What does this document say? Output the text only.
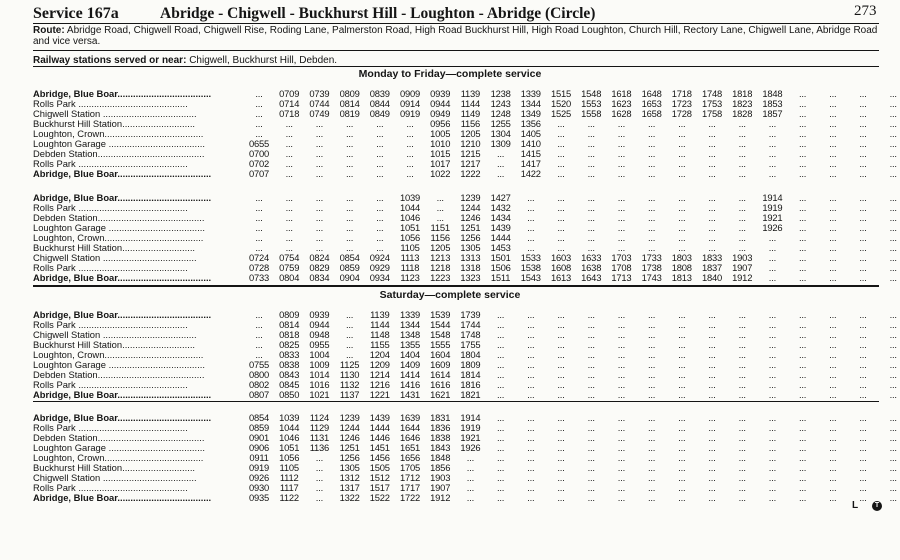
Service 167a	Abridge - Chigwell - Buckhurst Hill - Loughton - Abridge (Circle)	273
Route: Abridge Road, Chigwell Road, Chigwell Rise, Roding Lane, Palmerston Road, High Road Buckhurst Hill, High Road Loughton, Church Hill, Rectory Lane, Chigwell Lane, Abridge Road and vice versa.
Railway stations served or near: Chigwell, Buckhurst Hill, Debden.
Monday to Friday—complete service
Abridge, Blue Boar....................................	...	0709	0739	0809	0839	0909	0939	1139	1238	1339	1515	1548	1618	1648	1718	1748	1818	1848	...	...	...	...
Rolls Park ..........................................	...	0714	0744	0814	0844	0914	0944	1144	1243	1344	1520	1553	1623	1653	1723	1753	1823	1853	...	...	...	...
Chigwell Station ....................................	...	0718	0749	0819	0849	0919	0949	1149	1248	1349	1525	1558	1628	1658	1728	1758	1828	1857	...	...	...	...
Buckhurst Hill Station............................	...	...	...	...	...	...	0956	1156	1255	1356	...	...	...	...	...	...	...	...	...	...	...	...
Loughton, Crown......................................	...	...	...	...	...	...	1005	1205	1304	1405	...	...	...	...	...	...	...	...	...	...	...	...
Loughton Garage .....................................	0655	...	...	...	...	...	1010	1210	1309	1410	...	...	...	...	...	...	...	...	...	...	...	...
Debden Station.........................................	0700	...	...	...	...	...	1015	1215	...	1415	...	...	...	...	...	...	...	...	...	...	...	...
Rolls Park ..........................................	0702	...	...	...	...	...	1017	1217	...	1417	...	...	...	...	...	...	...	...	...	...	...	...
Abridge, Blue Boar....................................	0707	...	...	...	...	...	1022	1222	...	1422	...	...	...	...	...	...	...	...	...	...	...	...
Abridge, Blue Boar....................................	...	...	...	...	...	1039	...	1239	1427	...	...	...	...	...	...	...	...	1914	...	...	...	...
Rolls Park ..........................................	...	...	...	...	...	1044	...	1244	1432	...	...	...	...	...	...	...	...	1919	...	...	...	...
Debden Station.........................................	...	...	...	...	...	1046	...	1246	1434	...	...	...	...	...	...	...	...	1921	...	...	...	...
Loughton Garage .....................................	...	...	...	...	...	1051	1151	1251	1439	...	...	...	...	...	...	...	...	1926	...	...	...	...
Loughton, Crown......................................	...	...	...	...	...	1056	1156	1256	1444	...	...	...	...	...	...	...	...	...	...	...	...	...
Buckhurst Hill Station............................	...	...	...	...	...	1105	1205	1305	1453	...	...	...	...	...	...	...	...	...	...	...	...	...
Chigwell Station ....................................	0724	0754	0824	0854	0924	1113	1213	1313	1501	1533	1603	1633	1703	1733	1803	1833	1903	...	...	...	...	...
Rolls Park ..........................................	0728	0759	0829	0859	0929	1118	1218	1318	1506	1538	1608	1638	1708	1738	1808	1837	1907	...	...	...	...	...
Abridge, Blue Boar....................................	0733	0804	0834	0904	0934	1123	1223	1323	1511	1543	1613	1643	1713	1743	1813	1840	1912	...	...	...	...	...
Saturday—complete service
Abridge, Blue Boar....................................	...	0809	0939	...	1139	1339	1539	1739	...	...	...	...	...	...	...	...	...	...	...	...	...	...
Rolls Park ..........................................	...	0814	0944	...	1144	1344	1544	1744	...	...	...	...	...	...	...	...	...	...	...	...	...	...
Chigwell Station ....................................	...	0818	0948	...	1148	1348	1548	1748	...	...	...	...	...	...	...	...	...	...	...	...	...	...
Buckhurst Hill Station............................	...	0825	0955	...	1155	1355	1555	1755	...	...	...	...	...	...	...	...	...	...	...	...	...	...
Loughton, Crown......................................	...	0833	1004	...	1204	1404	1604	1804	...	...	...	...	...	...	...	...	...	...	...	...	...	...
Loughton Garage .....................................	0755	0838	1009	1125	1209	1409	1609	1809	...	...	...	...	...	...	...	...	...	...	...	...	...	...
Debden Station.........................................	0800	0843	1014	1130	1214	1414	1614	1814	...	...	...	...	...	...	...	...	...	...	...	...	...	...
Rolls Park ..........................................	0802	0845	1016	1132	1216	1416	1616	1816	...	...	...	...	...	...	...	...	...	...	...	...	...	...
Abridge, Blue Boar....................................	0807	0850	1021	1137	1221	1431	1621	1821	...	...	...	...	...	...	...	...	...	...	...	...	...	...
Abridge, Blue Boar....................................	0854	1039	1124	1239	1439	1639	1831	1914	...	...	...	...	...	...	...	...	...	...	...	...	...	...
Rolls Park ..........................................	0859	1044	1129	1244	1444	1644	1836	1919	...	...	...	...	...	...	...	...	...	...	...	...	...	...
Debden Station.........................................	0901	1046	1131	1246	1446	1646	1838	1921	...	...	...	...	...	...	...	...	...	...	...	...	...	...
Loughton Garage .....................................	0906	1051	1136	1251	1451	1651	1843	1926	...	...	...	...	...	...	...	...	...	...	...	...	...	...
Loughton, Crown......................................	0911	1056	...	1256	1456	1656	1848	...	...	...	...	...	...	...	...	...	...	...	...	...	...	...
Buckhurst Hill Station............................	0919	1105	...	1305	1505	1705	1856	...	...	...	...	...	...	...	...	...	...	...	...	...	...	...
Chigwell Station ....................................	0926	1112	...	1312	1512	1712	1903	...	...	...	...	...	...	...	...	...	...	...	...	...	...	...
Rolls Park ..........................................	0930	1117	...	1317	1517	1717	1907	...	...	...	...	...	...	...	...	...	...	...	...	...	...	...
Abridge, Blue Boar....................................	0935	1122	...	1322	1522	1722	1912	...	...	...	...	...	...	...	...	...	...	...	...	...	...	...
L	T
